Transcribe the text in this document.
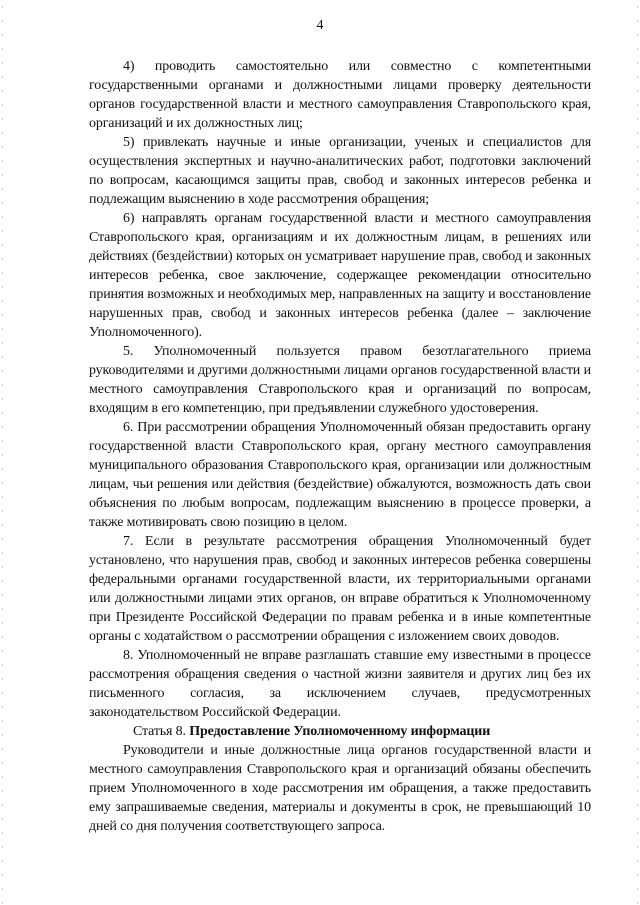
4

4) проводить самостоятельно или совместно с компетентными государственными органами и должностными лицами проверку деятельности органов государственной власти и местного самоуправления Ставропольского края, организаций и их должностных лиц;

5) привлекать научные и иные организации, ученых и специалистов для осуществления экспертных и научно-аналитических работ, подготовки заключений по вопросам, касающимся защиты прав, свобод и законных интересов ребенка и подлежащим выяснению в ходе рассмотрения обращения;

6) направлять органам государственной власти и местного самоуправления Ставропольского края, организациям и их должностным лицам, в решениях или действиях (бездействии) которых он усматривает нарушение прав, свобод и законных интересов ребенка, свое заключение, содержащее рекомендации относительно принятия возможных и необходимых мер, направленных на защиту и восстановление нарушенных прав, свобод и законных интересов ребенка (далее – заключение Уполномоченного).

5. Уполномоченный пользуется правом безотлагательного приема руководителями и другими должностными лицами органов государственной власти и местного самоуправления Ставропольского края и организаций по вопросам, входящим в его компетенцию, при предъявлении служебного удостоверения.

6. При рассмотрении обращения Уполномоченный обязан предоставить органу государственной власти Ставропольского края, органу местного самоуправления муниципального образования Ставропольского края, организации или должностным лицам, чьи решения или действия (бездействие) обжалуются, возможность дать свои объяснения по любым вопросам, подлежащим выяснению в процессе проверки, а также мотивировать свою позицию в целом.

7. Если в результате рассмотрения обращения Уполномоченный будет установлено, что нарушения прав, свобод и законных интересов ребенка совершены федеральными органами государственной власти, их территориальными органами или должностными лицами этих органов, он вправе обратиться к Уполномоченному при Президенте Российской Федерации по правам ребенка и в иные компетентные органы с ходатайством о рассмотрении обращения с изложением своих доводов.

8. Уполномоченный не вправе разглашать ставшие ему известными в процессе рассмотрения обращения сведения о частной жизни заявителя и других лиц без их письменного согласия, за исключением случаев, предусмотренных законодательством Российской Федерации.

Статья 8. Предоставление Уполномоченному информации

Руководители и иные должностные лица органов государственной власти и местного самоуправления Ставропольского края и организаций обязаны обеспечить прием Уполномоченного в ходе рассмотрения им обращения, а также предоставить ему запрашиваемые сведения, материалы и документы в срок, не превышающий 10 дней со дня получения соответствующего запроса.
